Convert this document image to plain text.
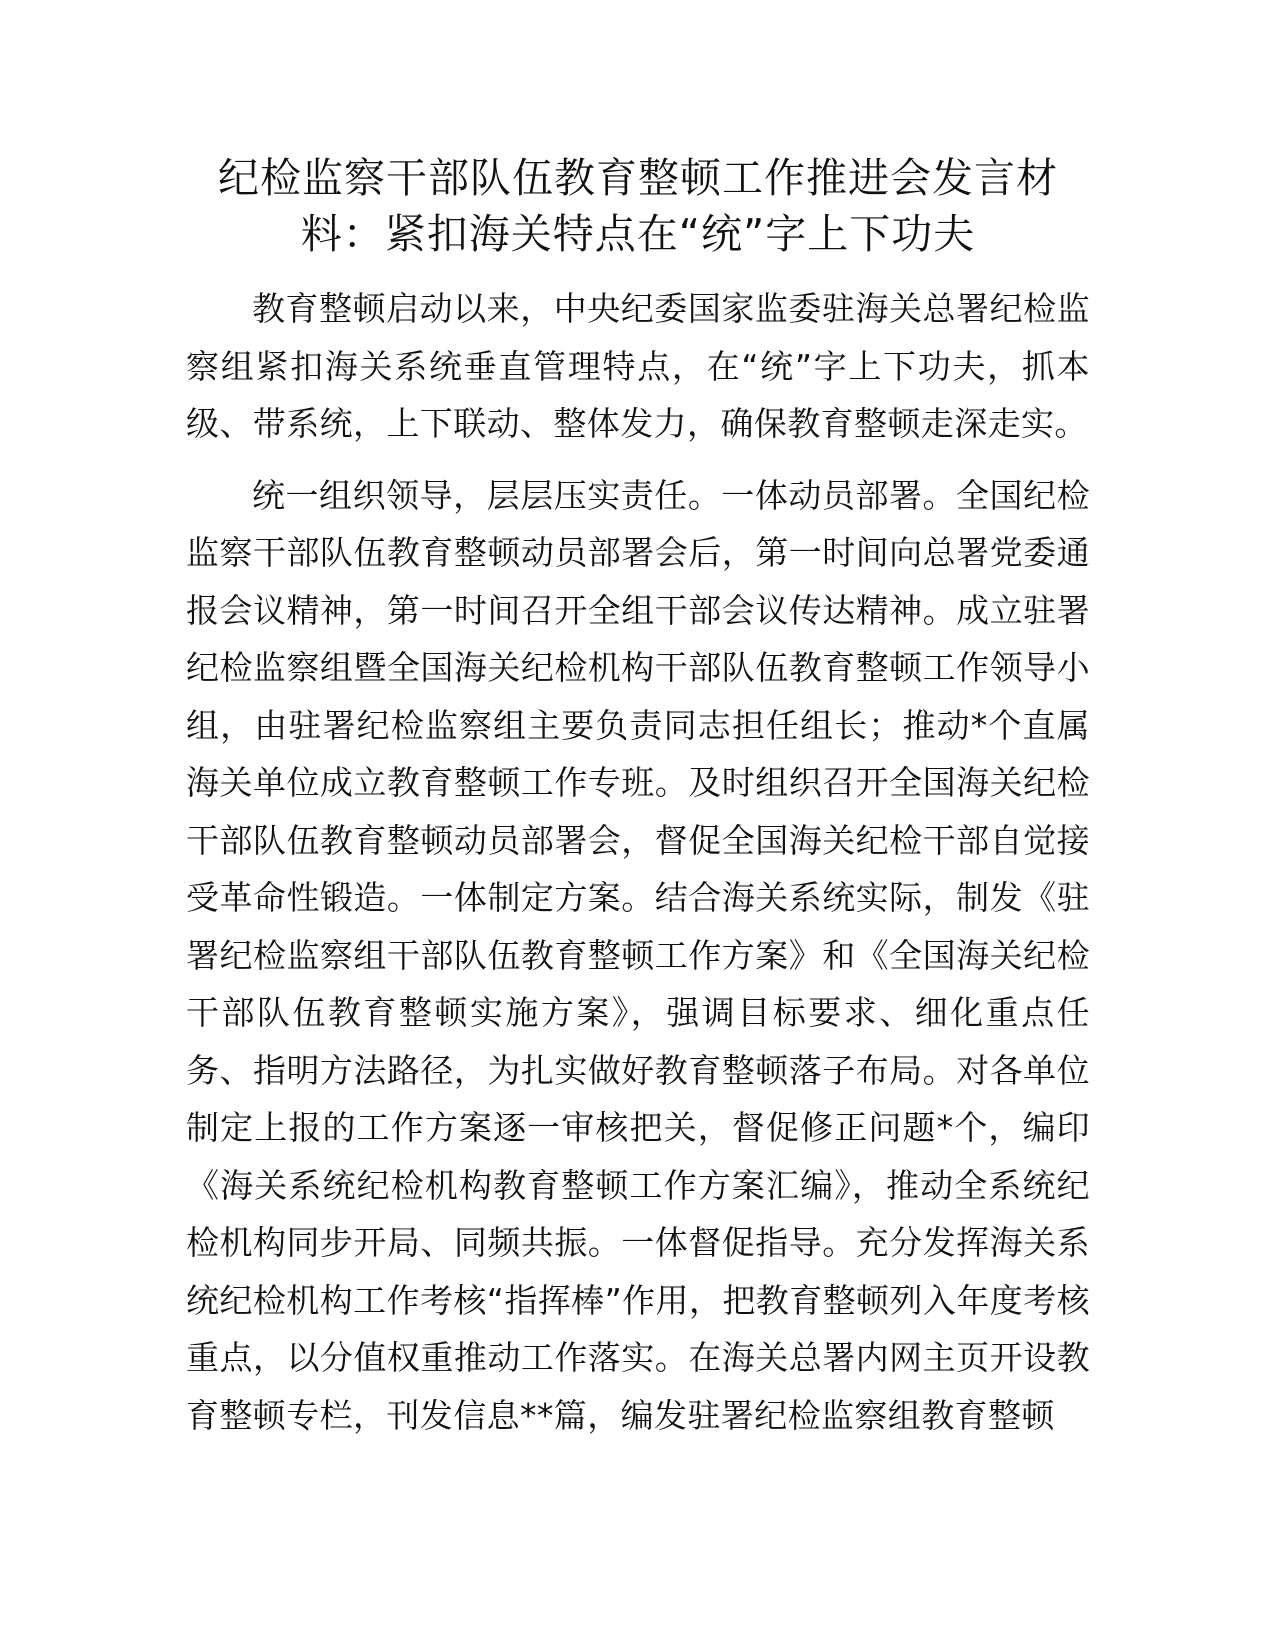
纪检监察干部队伍教育整顿工作推进会发言材
料：紧扣海关特点在“统”字上下功夫

教育整顿启动以来，中央纪委国家监委驻海关总署纪检监察组紧扣海关系统垂直管理特点，在“统”字上下功夫，抓本级、带系统，上下联动、整体发力，确保教育整顿走深走实。

统一组织领导，层层压实责任。一体动员部署。全国纪检监察干部队伍教育整顿动员部署会后，第一时间向总署党委通报会议精神，第一时间召开全组干部会议传达精神。成立驻署纪检监察组暨全国海关纪检机构干部队伍教育整顿工作领导小组，由驻署纪检监察组主要负责同志担任组长；推动*个直属海关单位成立教育整顿工作专班。及时组织召开全国海关纪检干部队伍教育整顿动员部署会，督促全国海关纪检干部自觉接受革命性锻造。一体制定方案。结合海关系统实际，制发《驻署纪检监察组干部队伍教育整顿工作方案》和《全国海关纪检干部队伍教育整顿实施方案》，强调目标要求、细化重点任务、指明方法路径，为扎实做好教育整顿落子布局。对各单位制定上报的工作方案逐一审核把关，督促修正问题*个，编印《海关系统纪检机构教育整顿工作方案汇编》，推动全系统纪检机构同步开局、同频共振。一体督促指导。充分发挥海关系统纪检机构工作考核“指挥棒”作用，把教育整顿列入年度考核重点，以分值权重推动工作落实。在海关总署内网主页开设教育整顿专栏，刊发信息**篇，编发驻署纪检监察组教育整顿
